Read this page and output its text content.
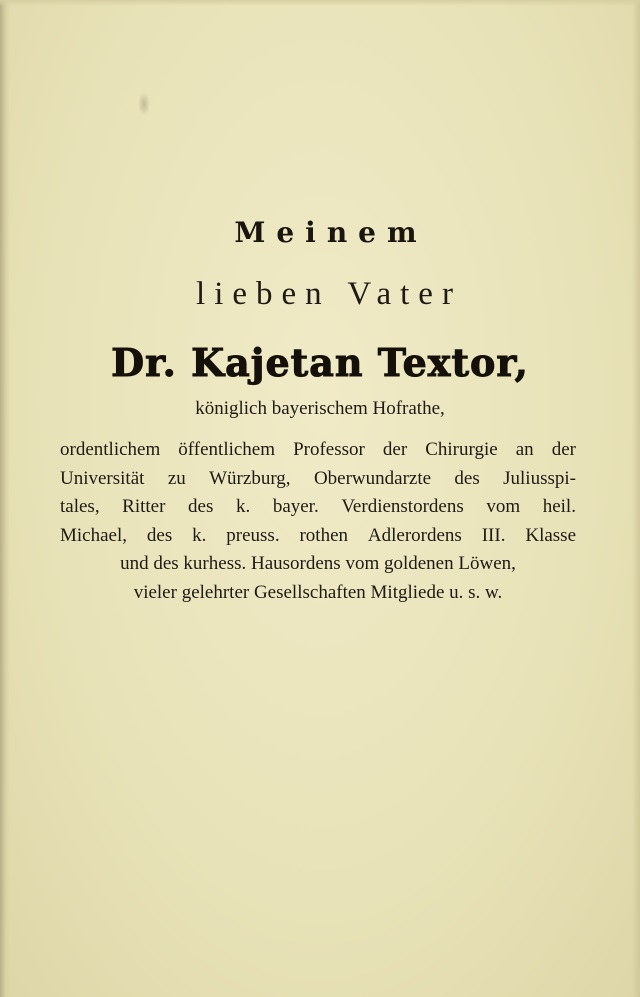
Meinem
lieben Vater
Dr. Kajetan Textor,
königlich bayerischem Hofrathe,
ordentlichem öffentlichem Professor der Chirurgie an der
Universität zu Würzburg, Oberwundarzte des Juliusspi-
tales, Ritter des k. bayer. Verdienstordens vom heil.
Michael, des k. preuss. rothen Adlerordens III. Klasse
und des kurhess. Hausordens vom goldenen Löwen,
vieler gelehrter Gesellschaften Mitgliede u. s. w.
